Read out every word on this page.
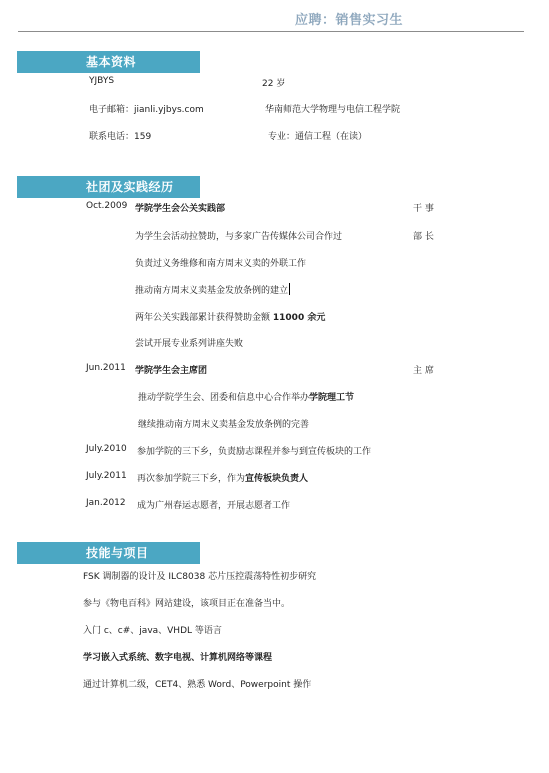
应聘：销售实习生
基本资料
YJBYS	22 岁
电子邮箱：jianli.yjbys.com	华南师范大学物理与电信工程学院
联系电话：159	专业：通信工程（在读）
社团及实践经历
Oct.2009 学院学生会公关实践部	干 事
为学生会活动拉赞助，与多家广告传媒体公司合作过	部 长
负责过义务维修和南方周末义卖的外联工作
推动南方周末义卖基金发放条例的建立
两年公关实践部累计获得赞助金额 11000 余元
尝试开展专业系列讲座失败
Jun.2011 学院学生会主席团	主 席
推动学院学生会、团委和信息中心合作举办学院理工节
继续推动南方周末义卖基金发放条例的完善
July.2010 参加学院的三下乡，负责励志课程并参与到宣传板块的工作
July.2011 再次参加学院三下乡，作为宣传板块负责人
Jan.2012 成为广州春运志愿者，开展志愿者工作
技能与项目
FSK 调制器的设计及 ILC8038 芯片压控震荡特性初步研究
参与《物电百科》网站建设，该项目正在准备当中。
入门 c、c#、java、VHDL 等语言
学习嵌入式系统、数字电视、计算机网络等课程
通过计算机二级，CET4、熟悉 Word、Powerpoint 操作
